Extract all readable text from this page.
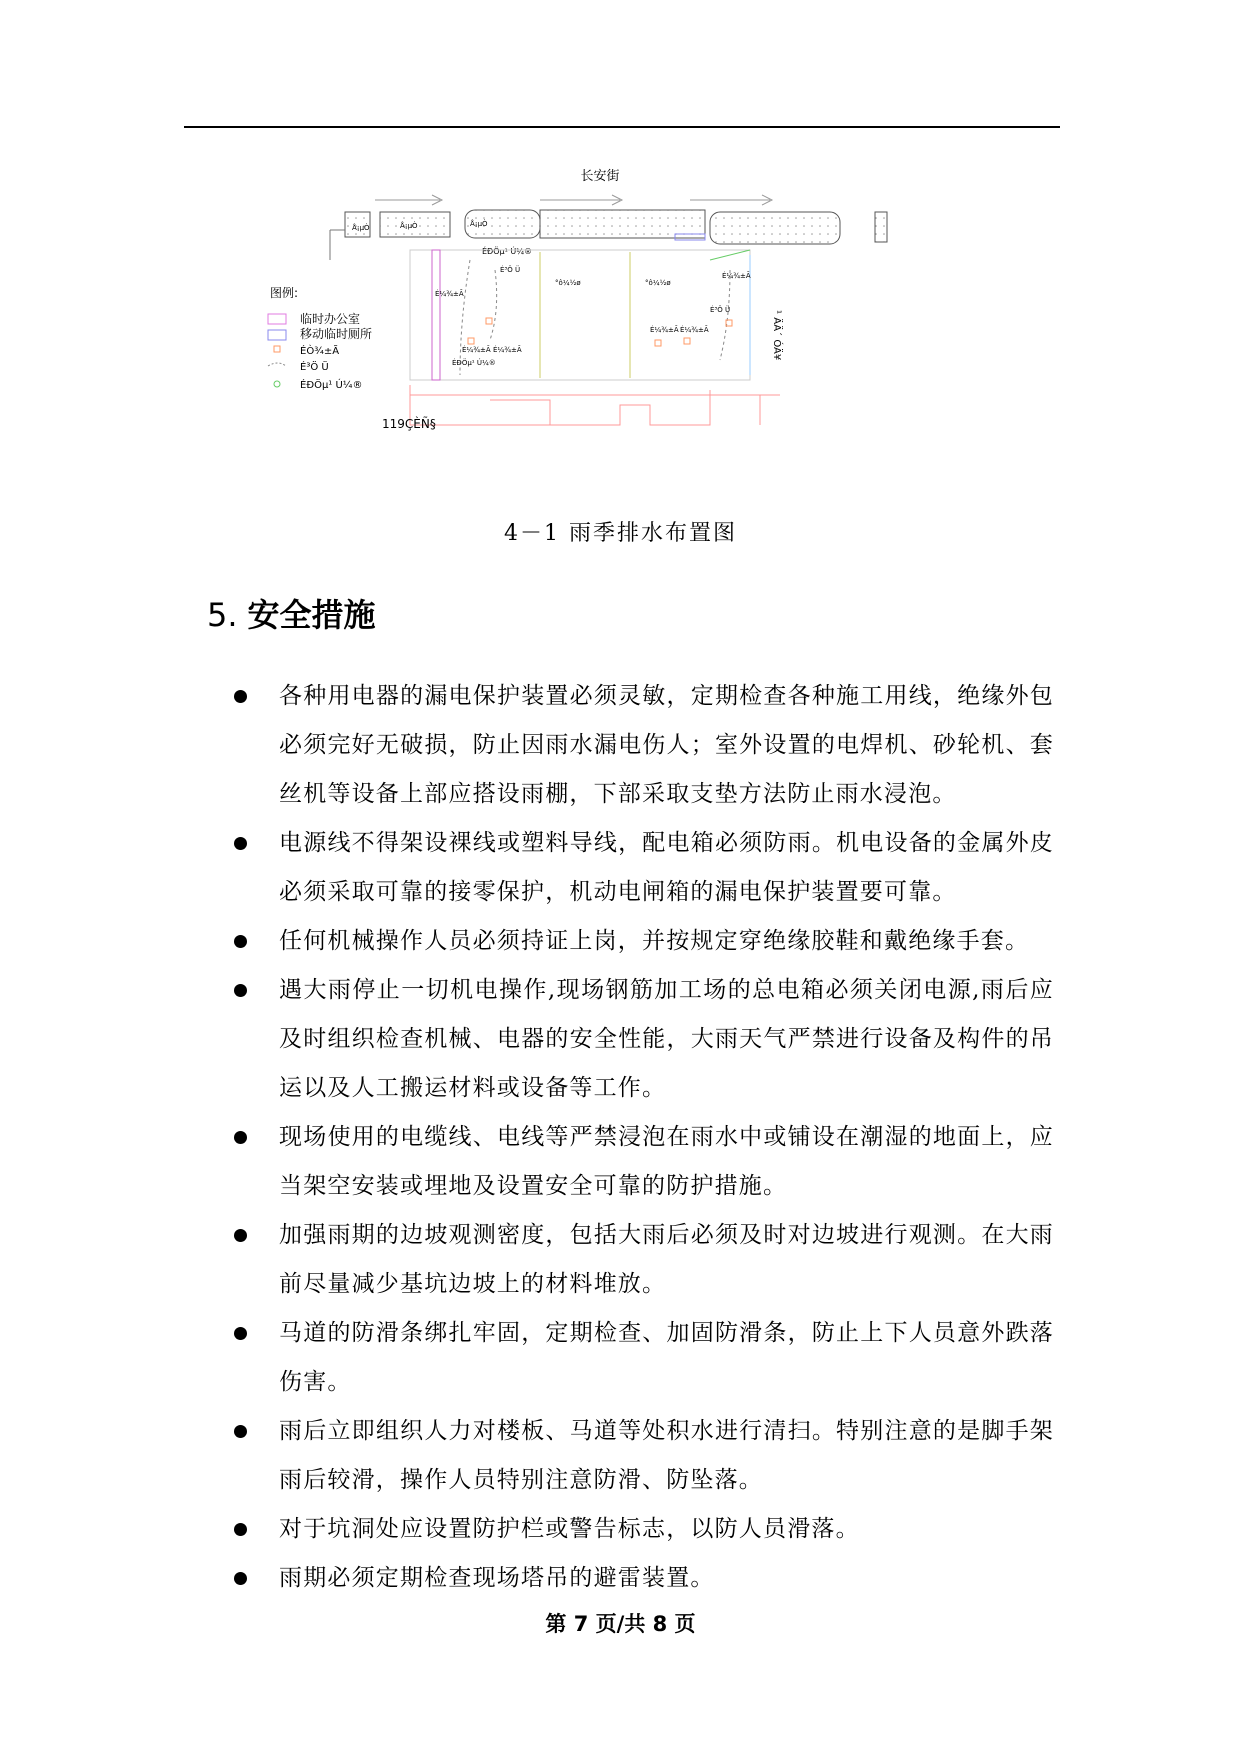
长安街
Å¡µÒ	Å¡µÒ	Å¡µÒ
ÉÐÖµ¹ Ú¼®
É³Ö Ü
°ô¼½ø	°ô¼½ø
É¼¾±Ã
É³Ö Ü
É¼¾±Ã
É¼¾±Ã É¼¾±Ã
É¼¾±Ã É¼¾±Ã
ÉÐÖµ¹ Ú¼®
¹ ÄÄ´ ÓÄ¥
图例:
临时办公室
移动临时厕所
ÉÒ¾±Ã
É³Ö Ü
ÉÐÖµ¹ Ú¼®
119ÇÈÑ§
4－1 雨季排水布置图
5. 安全措施
各种用电器的漏电保护装置必须灵敏，定期检查各种施工用线，绝缘外包必须完好无破损，防止因雨水漏电伤人；室外设置的电焊机、砂轮机、套丝机等设备上部应搭设雨棚，下部采取支垫方法防止雨水浸泡。
电源线不得架设裸线或塑料导线，配电箱必须防雨。机电设备的金属外皮必须采取可靠的接零保护，机动电闸箱的漏电保护装置要可靠。
任何机械操作人员必须持证上岗，并按规定穿绝缘胶鞋和戴绝缘手套。
遇大雨停止一切机电操作,现场钢筋加工场的总电箱必须关闭电源,雨后应及时组织检查机械、电器的安全性能，大雨天气严禁进行设备及构件的吊运以及人工搬运材料或设备等工作。
现场使用的电缆线、电线等严禁浸泡在雨水中或铺设在潮湿的地面上，应当架空安装或埋地及设置安全可靠的防护措施。
加强雨期的边坡观测密度，包括大雨后必须及时对边坡进行观测。在大雨前尽量减少基坑边坡上的材料堆放。
马道的防滑条绑扎牢固，定期检查、加固防滑条，防止上下人员意外跌落伤害。
雨后立即组织人力对楼板、马道等处积水进行清扫。特别注意的是脚手架雨后较滑，操作人员特别注意防滑、防坠落。
对于坑洞处应设置防护栏或警告标志，以防人员滑落。
雨期必须定期检查现场塔吊的避雷装置。
第 7 页/共 8 页
